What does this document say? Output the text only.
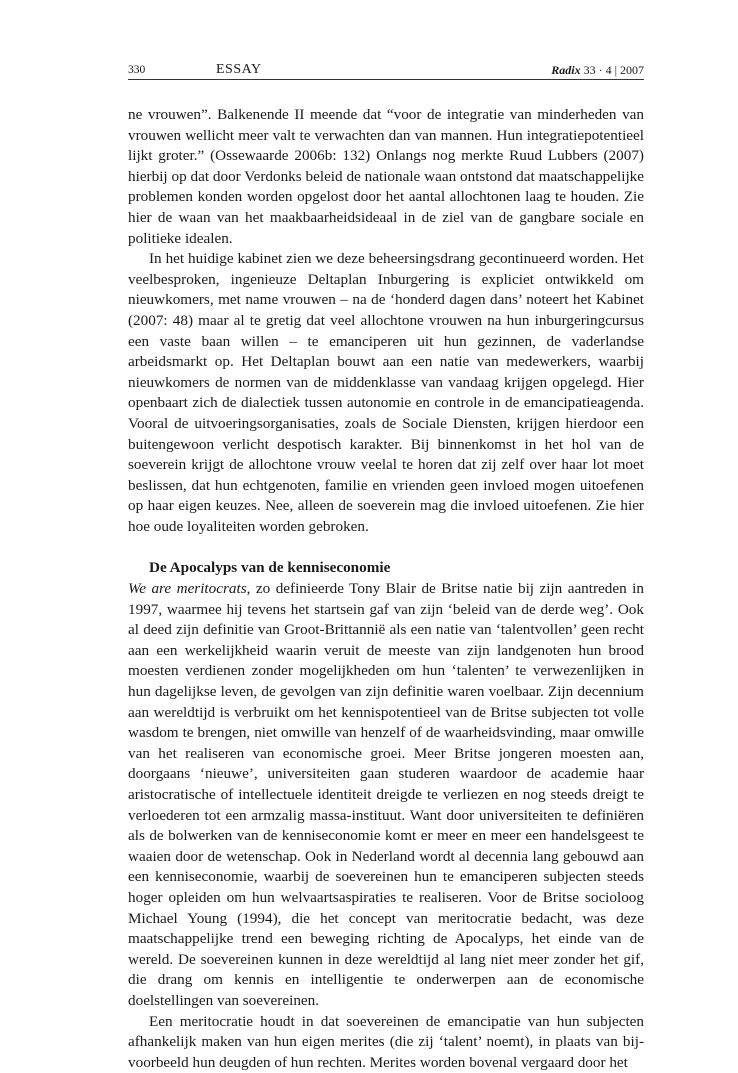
330	ESSAY	Radix 33 · 4 | 2007

ne vrouwen”. Balkenende II meende dat “voor de integratie van minderheden van vrouwen wellicht meer valt te verwachten dan van mannen. Hun integratiepotentieel lijkt groter.” (Ossewaarde 2006b: 132) Onlangs nog merkte Ruud Lubbers (2007) hierbij op dat door Verdonks beleid de nationale waan ontstond dat maatschappelijke problemen konden worden opgelost door het aantal allochtonen laag te houden. Zie hier de waan van het maakbaarheidsideaal in de ziel van de gangbare sociale en politieke idealen.

In het huidige kabinet zien we deze beheersingsdrang gecontinueerd worden. Het veelbesproken, ingenieuze Deltaplan Inburgering is expliciet ontwikkeld om nieuwkomers, met name vrouwen – na de ‘honderd dagen dans’ noteert het Kabinet (2007: 48) maar al te gretig dat veel allochtone vrouwen na hun inburgeringcursus een vaste baan willen – te emanciperen uit hun gezinnen, de vaderlandse arbeidsmarkt op. Het Deltaplan bouwt aan een natie van medewerkers, waarbij nieuwkomers de normen van de middenklasse van vandaag krijgen opgelegd. Hier openbaart zich de dialectiek tussen autonomie en controle in de emancipatieagenda. Vooral de uitvoeringsorganisaties, zoals de Sociale Diensten, krijgen hierdoor een buitengewoon verlicht despotisch karakter. Bij binnenkomst in het hol van de soeverein krijgt de allochtone vrouw veelal te horen dat zij zelf over haar lot moet beslissen, dat hun echtgenoten, familie en vrienden geen invloed mogen uitoefenen op haar eigen keuzes. Nee, alleen de soeverein mag die invloed uitoefenen. Zie hier hoe oude loyaliteiten worden gebroken.

De Apocalyps van de kenniseconomie

We are meritocrats, zo definieerde Tony Blair de Britse natie bij zijn aantreden in 1997, waarmee hij tevens het startsein gaf van zijn ‘beleid van de derde weg’. Ook al deed zijn definitie van Groot-Brittannië als een natie van ‘talentvollen’ geen recht aan een werkelijkheid waarin veruit de meeste van zijn landgenoten hun brood moesten verdienen zonder mogelijkheden om hun ‘talenten’ te verwezenlijken in hun dagelijkse leven, de gevolgen van zijn definitie waren voelbaar. Zijn decennium aan wereldtijd is verbruikt om het kennispotentieel van de Britse subjecten tot volle wasdom te brengen, niet omwille van henzelf of de waarheidsvinding, maar omwille van het realiseren van economische groei. Meer Britse jongeren moesten aan, doorgaans ‘nieuwe’, universiteiten gaan studeren waardoor de academie haar aristocratische of intellectuele identiteit dreigde te verliezen en nog steeds dreigt te verloederen tot een armzalig massa-instituut. Want door universiteiten te definiëren als de bolwerken van de kenniseconomie komt er meer en meer een handelsgeest te waaien door de wetenschap. Ook in Nederland wordt al decennia lang gebouwd aan een kenniseconomie, waarbij de soevereinen hun te emanciperen subjecten steeds hoger opleiden om hun welvaartsaspiraties te realiseren. Voor de Britse socioloog Michael Young (1994), die het concept van meritocratie bedacht, was deze maatschappelijke trend een beweging richting de Apocalyps, het einde van de wereld. De soevereinen kunnen in deze wereldtijd al lang niet meer zonder het gif, die drang om kennis en intelligentie te onderwerpen aan de economische doelstellingen van soevereinen.

Een meritocratie houdt in dat soevereinen de emancipatie van hun subjecten afhankelijk maken van hun eigen merites (die zij ‘talent’ noemt), in plaats van bijvoorbeeld hun deugden of hun rechten. Merites worden bovenal vergaard door het
